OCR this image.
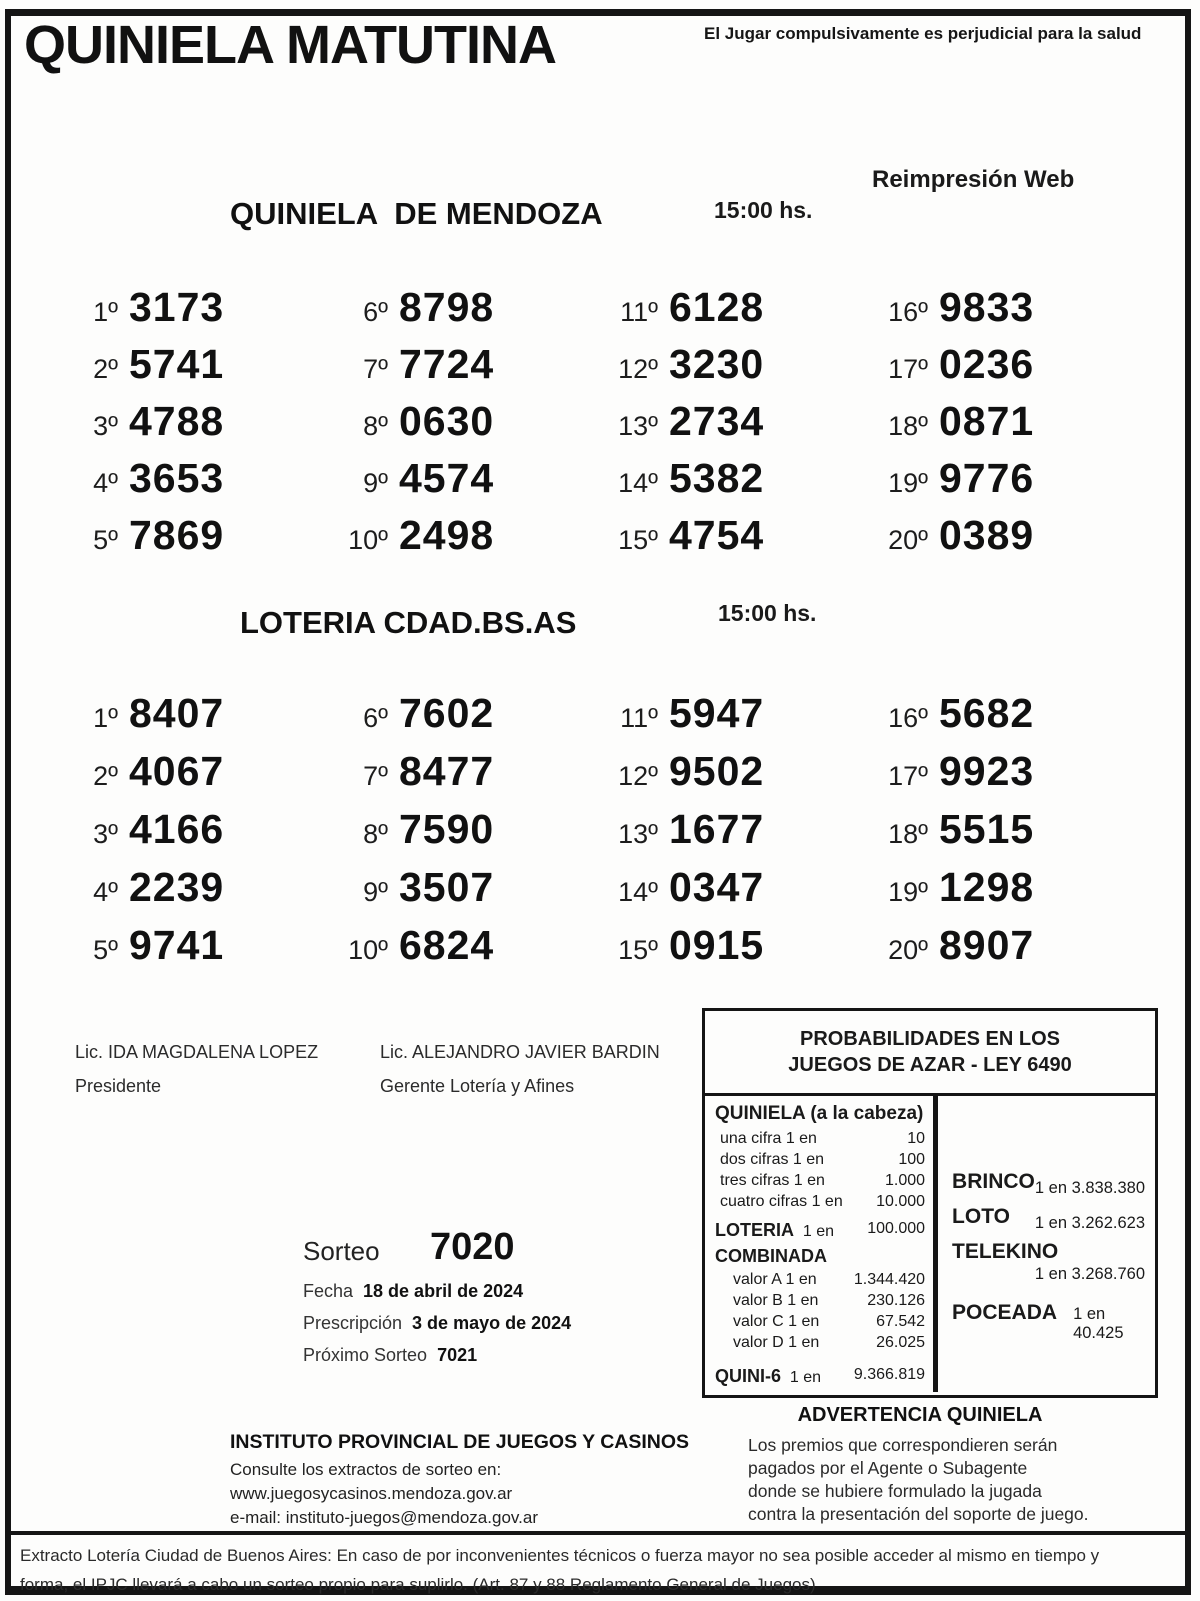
QUINIELA MATUTINA	El Jugar compulsivamente es perjudicial para la salud
Reimpresión Web
QUINIELA  DE MENDOZA	15:00 hs.
1º 3173
2º 5741
3º 4788
4º 3653
5º 7869
6º 8798
7º 7724
8º 0630
9º 4574
10º 2498
11º 6128
12º 3230
13º 2734
14º 5382
15º 4754
16º 9833
17º 0236
18º 0871
19º 9776
20º 0389
LOTERIA CDAD.BS.AS	15:00 hs.
1º 8407
2º 4067
3º 4166
4º 2239
5º 9741
6º 7602
7º 8477
8º 7590
9º 3507
10º 6824
11º 5947
12º 9502
13º 1677
14º 0347
15º 0915
16º 5682
17º 9923
18º 5515
19º 1298
20º 8907
Lic. IDA MAGDALENA LOPEZ
Presidente
Lic. ALEJANDRO JAVIER BARDIN
Gerente Lotería y Afines
Sorteo 7020
Fecha 18 de abril de 2024
Prescripción 3 de mayo de 2024
Próximo Sorteo 7021
PROBABILIDADES EN LOS
JUEGOS DE AZAR - LEY 6490
QUINIELA (a la cabeza)
una cifra 1 en	10
dos cifras 1 en	100
tres cifras 1 en	1.000
cuatro cifras 1 en 10.000
LOTERIA 1 en 100.000
COMBINADA
valor A 1 en 1.344.420
valor B 1 en	230.126
valor C 1 en	67.542
valor D 1 en	26.025
QUINI-6 1 en 9.366.819
BRINCO 1 en 3.838.380
LOTO 1 en 3.262.623
TELEKINO
1 en 3.268.760
POCEADA 1 en 40.425
ADVERTENCIA QUINIELA
Los premios que correspondieren serán
pagados por el Agente o Subagente
donde se hubiere formulado la jugada
contra la presentación del soporte de juego.
INSTITUTO PROVINCIAL DE JUEGOS Y CASINOS
Consulte los extractos de sorteo en:
www.juegosycasinos.mendoza.gov.ar
e-mail: instituto-juegos@mendoza.gov.ar
Extracto Lotería Ciudad de Buenos Aires: En caso de por inconvenientes técnicos o fuerza mayor no sea posible acceder al mismo en tiempo y
forma, el IPJC llevará a cabo un sorteo propio para suplirlo. (Art. 87 y 88 Reglamento General de Juegos)
